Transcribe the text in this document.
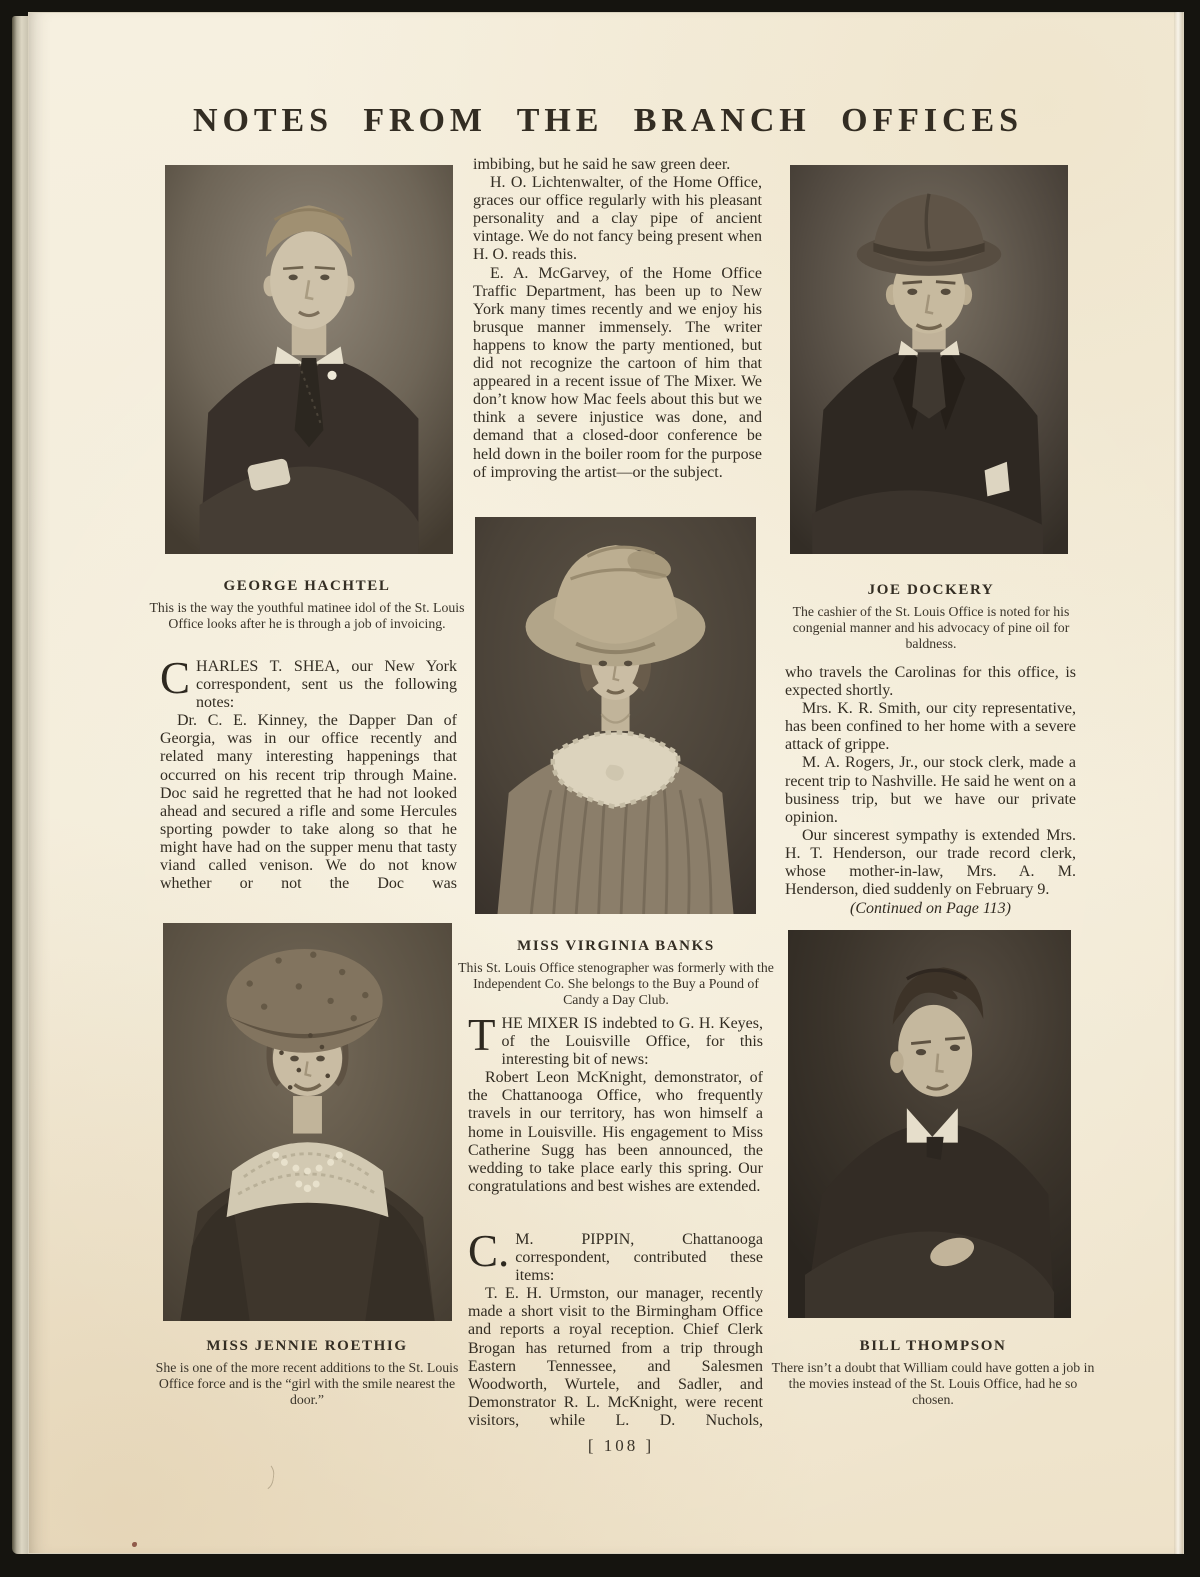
NOTES FROM THE BRANCH OFFICES
GEORGE HACHTEL

This is the way the youthful matinee idol of the St. Louis Office looks after he is through a job of invoicing.

JOE DOCKERY

The cashier of the St. Louis Office is noted for his congenial manner and his advocacy of pine oil for baldness.

MISS VIRGINIA BANKS

This St. Louis Office stenographer was formerly with the Independent Co. She belongs to the Buy a Pound of Candy a Day Club.

MISS JENNIE ROETHIG

She is one of the more recent additions to the St. Louis Office force and is the “girl with the smile nearest the door.”

BILL THOMPSON

There isn’t a doubt that William could have gotten a job in the movies instead of the St. Louis Office, had he so chosen.

imbibing, but he said he saw green deer.

H. O. Lichtenwalter, of the Home Office, graces our office regularly with his pleasant personality and a clay pipe of ancient vintage. We do not fancy being present when H. O. reads this.

E. A. McGarvey, of the Home Office Traffic Department, has been up to New York many times recently and we enjoy his brusque manner immensely. The writer happens to know the party mentioned, but did not recognize the cartoon of him that appeared in a recent issue of The Mixer. We don’t know how Mac feels about this but we think a severe injustice was done, and demand that a closed-door conference be held down in the boiler room for the purpose of improving the artist—or the subject.

CHARLES T. SHEA, our New York correspondent, sent us the following notes:

Dr. C. E. Kinney, the Dapper Dan of Georgia, was in our office recently and related many interesting happenings that occurred on his recent trip through Maine. Doc said he regretted that he had not looked ahead and secured a rifle and some Hercules sporting powder to take along so that he might have had on the supper menu that tasty viand called venison. We do not know whether or not the Doc was

who travels the Carolinas for this office, is expected shortly.

Mrs. K. R. Smith, our city representative, has been confined to her home with a severe attack of grippe.

M. A. Rogers, Jr., our stock clerk, made a recent trip to Nashville. He said he went on a business trip, but we have our private opinion.

Our sincerest sympathy is extended Mrs. H. T. Henderson, our trade record clerk, whose mother-in-law, Mrs. A. M. Henderson, died suddenly on February 9.

(Continued on Page 113)

THE MIXER IS indebted to G. H. Keyes, of the Louisville Office, for this interesting bit of news:

Robert Leon McKnight, demonstrator, of the Chattanooga Office, who frequently travels in our territory, has won himself a home in Louisville. His engagement to Miss Catherine Sugg has been announced, the wedding to take place early this spring. Our congratulations and best wishes are extended.

C. M. PIPPIN, Chattanooga correspondent, contributed these items:

T. E. H. Urmston, our manager, recently made a short visit to the Birmingham Office and reports a royal reception. Chief Clerk Brogan has returned from a trip through Eastern Tennessee, and Salesmen Woodworth, Wurtele, and Sadler, and Demonstrator R. L. McKnight, were recent visitors, while L. D. Nuchols,

[ 108 ]
